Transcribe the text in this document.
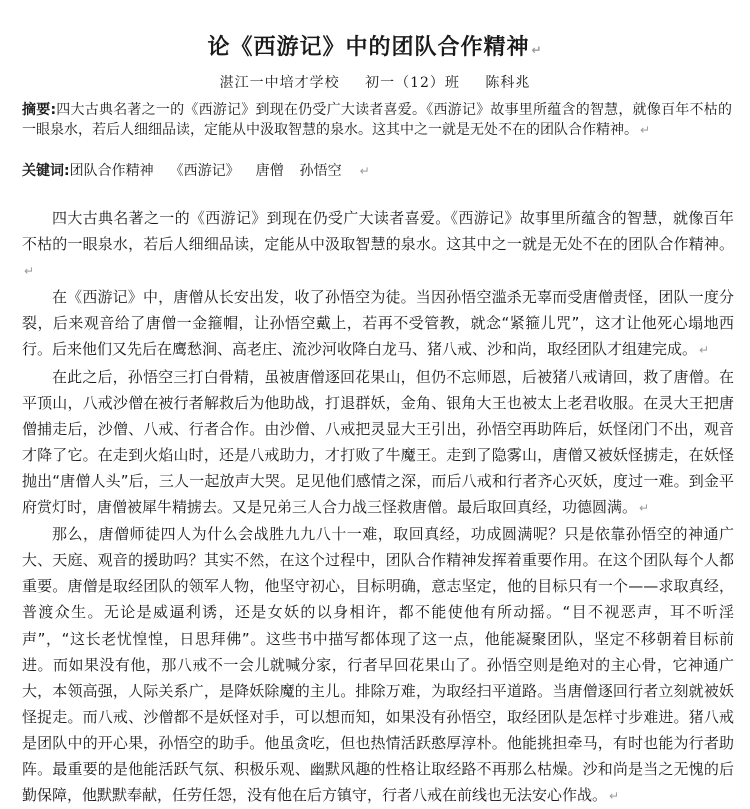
论《西游记》中的团队合作精神 ↵
湛江一中培才学校 初一（12）班 陈科兆
摘要:四大古典名著之一的《西游记》到现在仍受广大读者喜爱。《西游记》故事里所蕴含的智慧，就像百年不枯的一眼泉水，若后人细细品读，定能从中汲取智慧的泉水。这其中之一就是无处不在的团队合作精神。 ↵
关键词:团队合作精神 《西游记》 唐僧 孙悟空 ↵

四大古典名著之一的《西游记》到现在仍受广大读者喜爱。《西游记》故事里所蕴含的智慧，就像百年不枯的一眼泉水，若后人细细品读，定能从中汲取智慧的泉水。这其中之一就是无处不在的团队合作精神。↵

在《西游记》中，唐僧从长安出发，收了孙悟空为徒。当因孙悟空滥杀无辜而受唐僧责怪，团队一度分裂，后来观音给了唐僧一金箍帽，让孙悟空戴上，若再不受管教，就念“紧箍儿咒”，这才让他死心塌地西行。后来他们又先后在鹰愁涧、高老庄、流沙河收降白龙马、猪八戒、沙和尚，取经团队才组建完成。 ↵

在此之后，孙悟空三打白骨精，虽被唐僧逐回花果山，但仍不忘师恩，后被猪八戒请回，救了唐僧。在平顶山，八戒沙僧在被行者解救后为他助战，打退群妖，金角、银角大王也被太上老君收服。在灵大王把唐僧捕走后，沙僧、八戒、行者合作。由沙僧、八戒把灵显大王引出，孙悟空再助阵后，妖怪闭门不出，观音才降了它。在走到火焰山时，还是八戒助力，才打败了牛魔王。走到了隐雾山，唐僧又被妖怪掳走，在妖怪抛出“唐僧人头”后，三人一起放声大哭。足见他们感情之深，而后八戒和行者齐心灭妖，度过一难。到金平府赏灯时，唐僧被犀牛精掳去。又是兄弟三人合力战三怪救唐僧。最后取回真经，功德圆满。 ↵

那么，唐僧师徒四人为什么会战胜九九八十一难，取回真经，功成圆满呢？只是依靠孙悟空的神通广大、天庭、观音的援助吗？其实不然，在这个过程中，团队合作精神发挥着重要作用。在这个团队每个人都重要。唐僧是取经团队的领军人物，他坚守初心，目标明确，意志坚定，他的目标只有一个——求取真经，普渡众生。无论是威逼利诱，还是女妖的以身相许，都不能使他有所动摇。“目不视恶声，耳不听淫声”，“这长老忧惶惶，日思拜佛”。这些书中描写都体现了这一点，他能凝聚团队，坚定不移朝着目标前进。而如果没有他，那八戒不一会儿就喊分家，行者早回花果山了。孙悟空则是绝对的主心骨，它神通广大，本领高强，人际关系广，是降妖除魔的主儿。排除万难，为取经扫平道路。当唐僧逐回行者立刻就被妖怪捉走。而八戒、沙僧都不是妖怪对手，可以想而知，如果没有孙悟空，取经团队是怎样寸步难进。猪八戒是团队中的开心果，孙悟空的助手。他虽贪吃，但也热情活跃憨厚淳朴。他能挑担牵马，有时也能为行者助阵。最重要的是他能活跃气氛、积极乐观、幽默风趣的性格让取经路不再那么枯燥。沙和尚是当之无愧的后勤保障，他默默奉献，任劳任怨，没有他在后方镇守，行者八戒在前线也无法安心作战。 ↵
